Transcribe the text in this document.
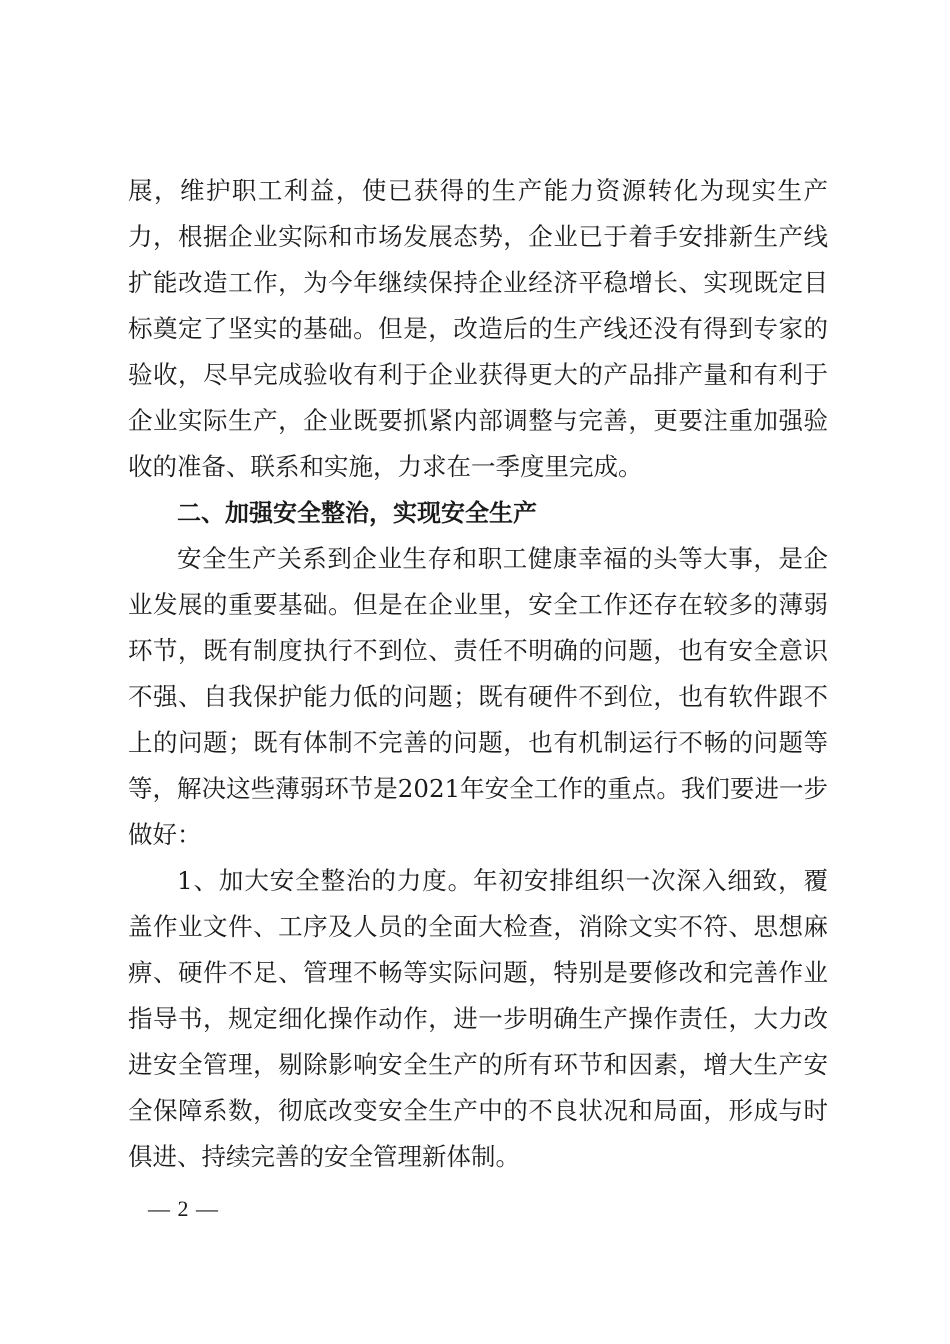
展，维护职工利益，使已获得的生产能力资源转化为现实生产力，根据企业实际和市场发展态势，企业已于着手安排新生产线扩能改造工作，为今年继续保持企业经济平稳增长、实现既定目标奠定了坚实的基础。但是，改造后的生产线还没有得到专家的验收，尽早完成验收有利于企业获得更大的产品排产量和有利于企业实际生产，企业既要抓紧内部调整与完善，更要注重加强验收的准备、联系和实施，力求在一季度里完成。

二、加强安全整治，实现安全生产

安全生产关系到企业生存和职工健康幸福的头等大事，是企业发展的重要基础。但是在企业里，安全工作还存在较多的薄弱环节，既有制度执行不到位、责任不明确的问题，也有安全意识不强、自我保护能力低的问题；既有硬件不到位，也有软件跟不上的问题；既有体制不完善的问题，也有机制运行不畅的问题等等，解决这些薄弱环节是2021年安全工作的重点。我们要进一步做好：

1、加大安全整治的力度。年初安排组织一次深入细致，覆盖作业文件、工序及人员的全面大检查，消除文实不符、思想麻痹、硬件不足、管理不畅等实际问题，特别是要修改和完善作业指导书，规定细化操作动作，进一步明确生产操作责任，大力改进安全管理，剔除影响安全生产的所有环节和因素，增大生产安全保障系数，彻底改变安全生产中的不良状况和局面，形成与时俱进、持续完善的安全管理新体制。

— 2 —
